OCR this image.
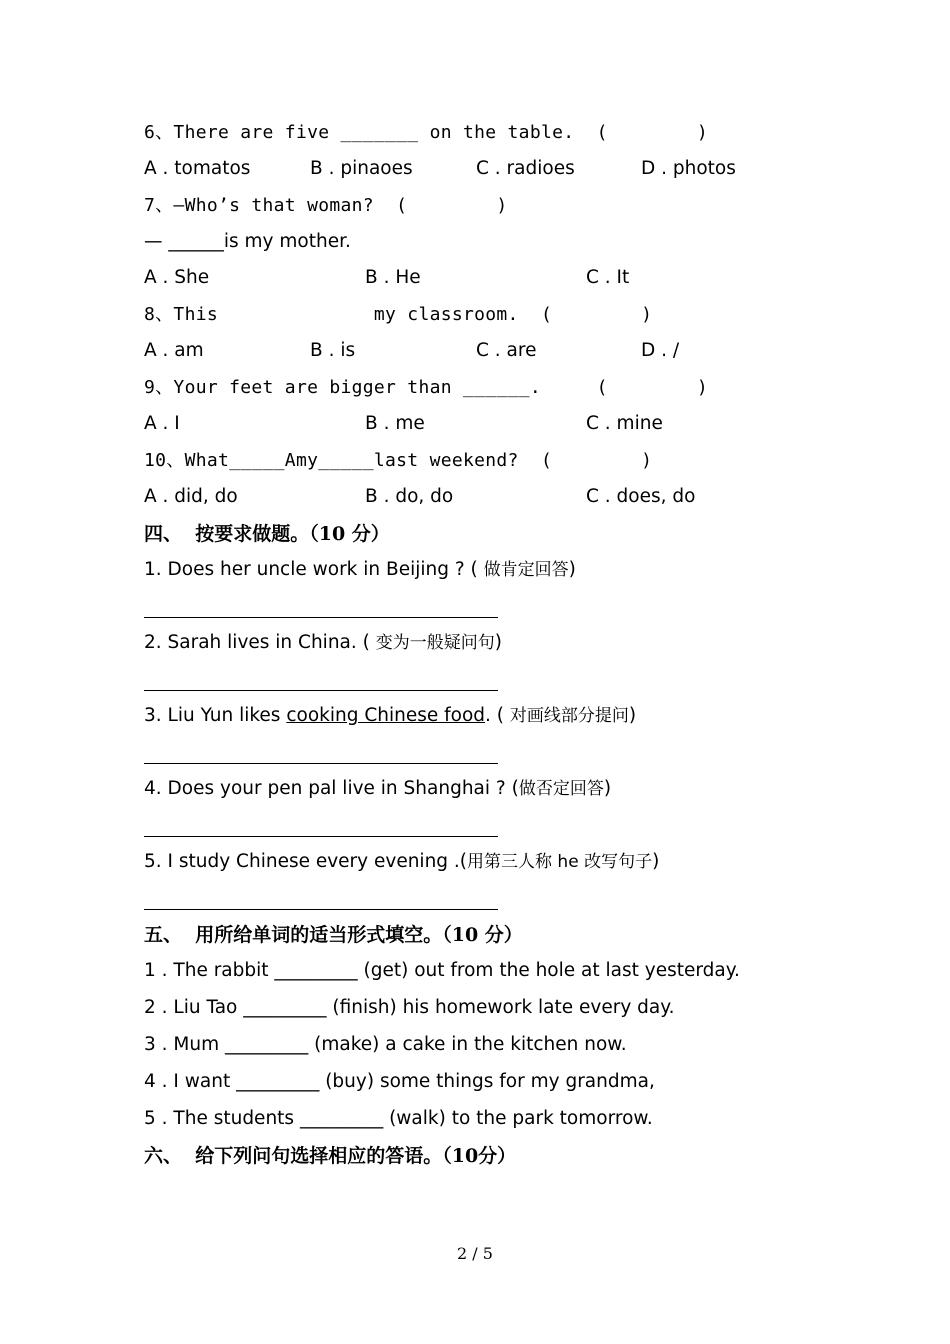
6、There are five _______ on the table.  (        )
A . tomatos	B . pinaoes	C . radioes	D . photos
7、—Who’s that woman?  (        )
— ______is my mother.
A . She	B . He	C . It
8、This              my classroom.  (        )
A . am	B . is	C . are	D . /
9、Your feet are bigger than ______.     (        )
A . I	B . me	C . mine
10、What_____Amy_____last weekend?  (        )
A . did, do	B . do, do	C . does, do
四、  按要求做题。（10 分）
1. Does her uncle work in Beijing ? ( 做肯定回答)
2. Sarah lives in China. ( 变为一般疑问句)
3. Liu Yun likes cooking Chinese food. ( 对画线部分提问)
4. Does your pen pal live in Shanghai ? (做否定回答)
5. I study Chinese every evening .(用第三人称 he 改写句子)
五、  用所给单词的适当形式填空。（10 分）
1 . The rabbit _________ (get) out from the hole at last yesterday.
2 . Liu Tao _________ (finish) his homework late every day.
3 . Mum _________ (make) a cake in the kitchen now.
4 . I want _________ (buy) some things for my grandma,
5 . The students _________ (walk) to the park tomorrow.
六、  给下列问句选择相应的答语。（10分）
2 / 5
